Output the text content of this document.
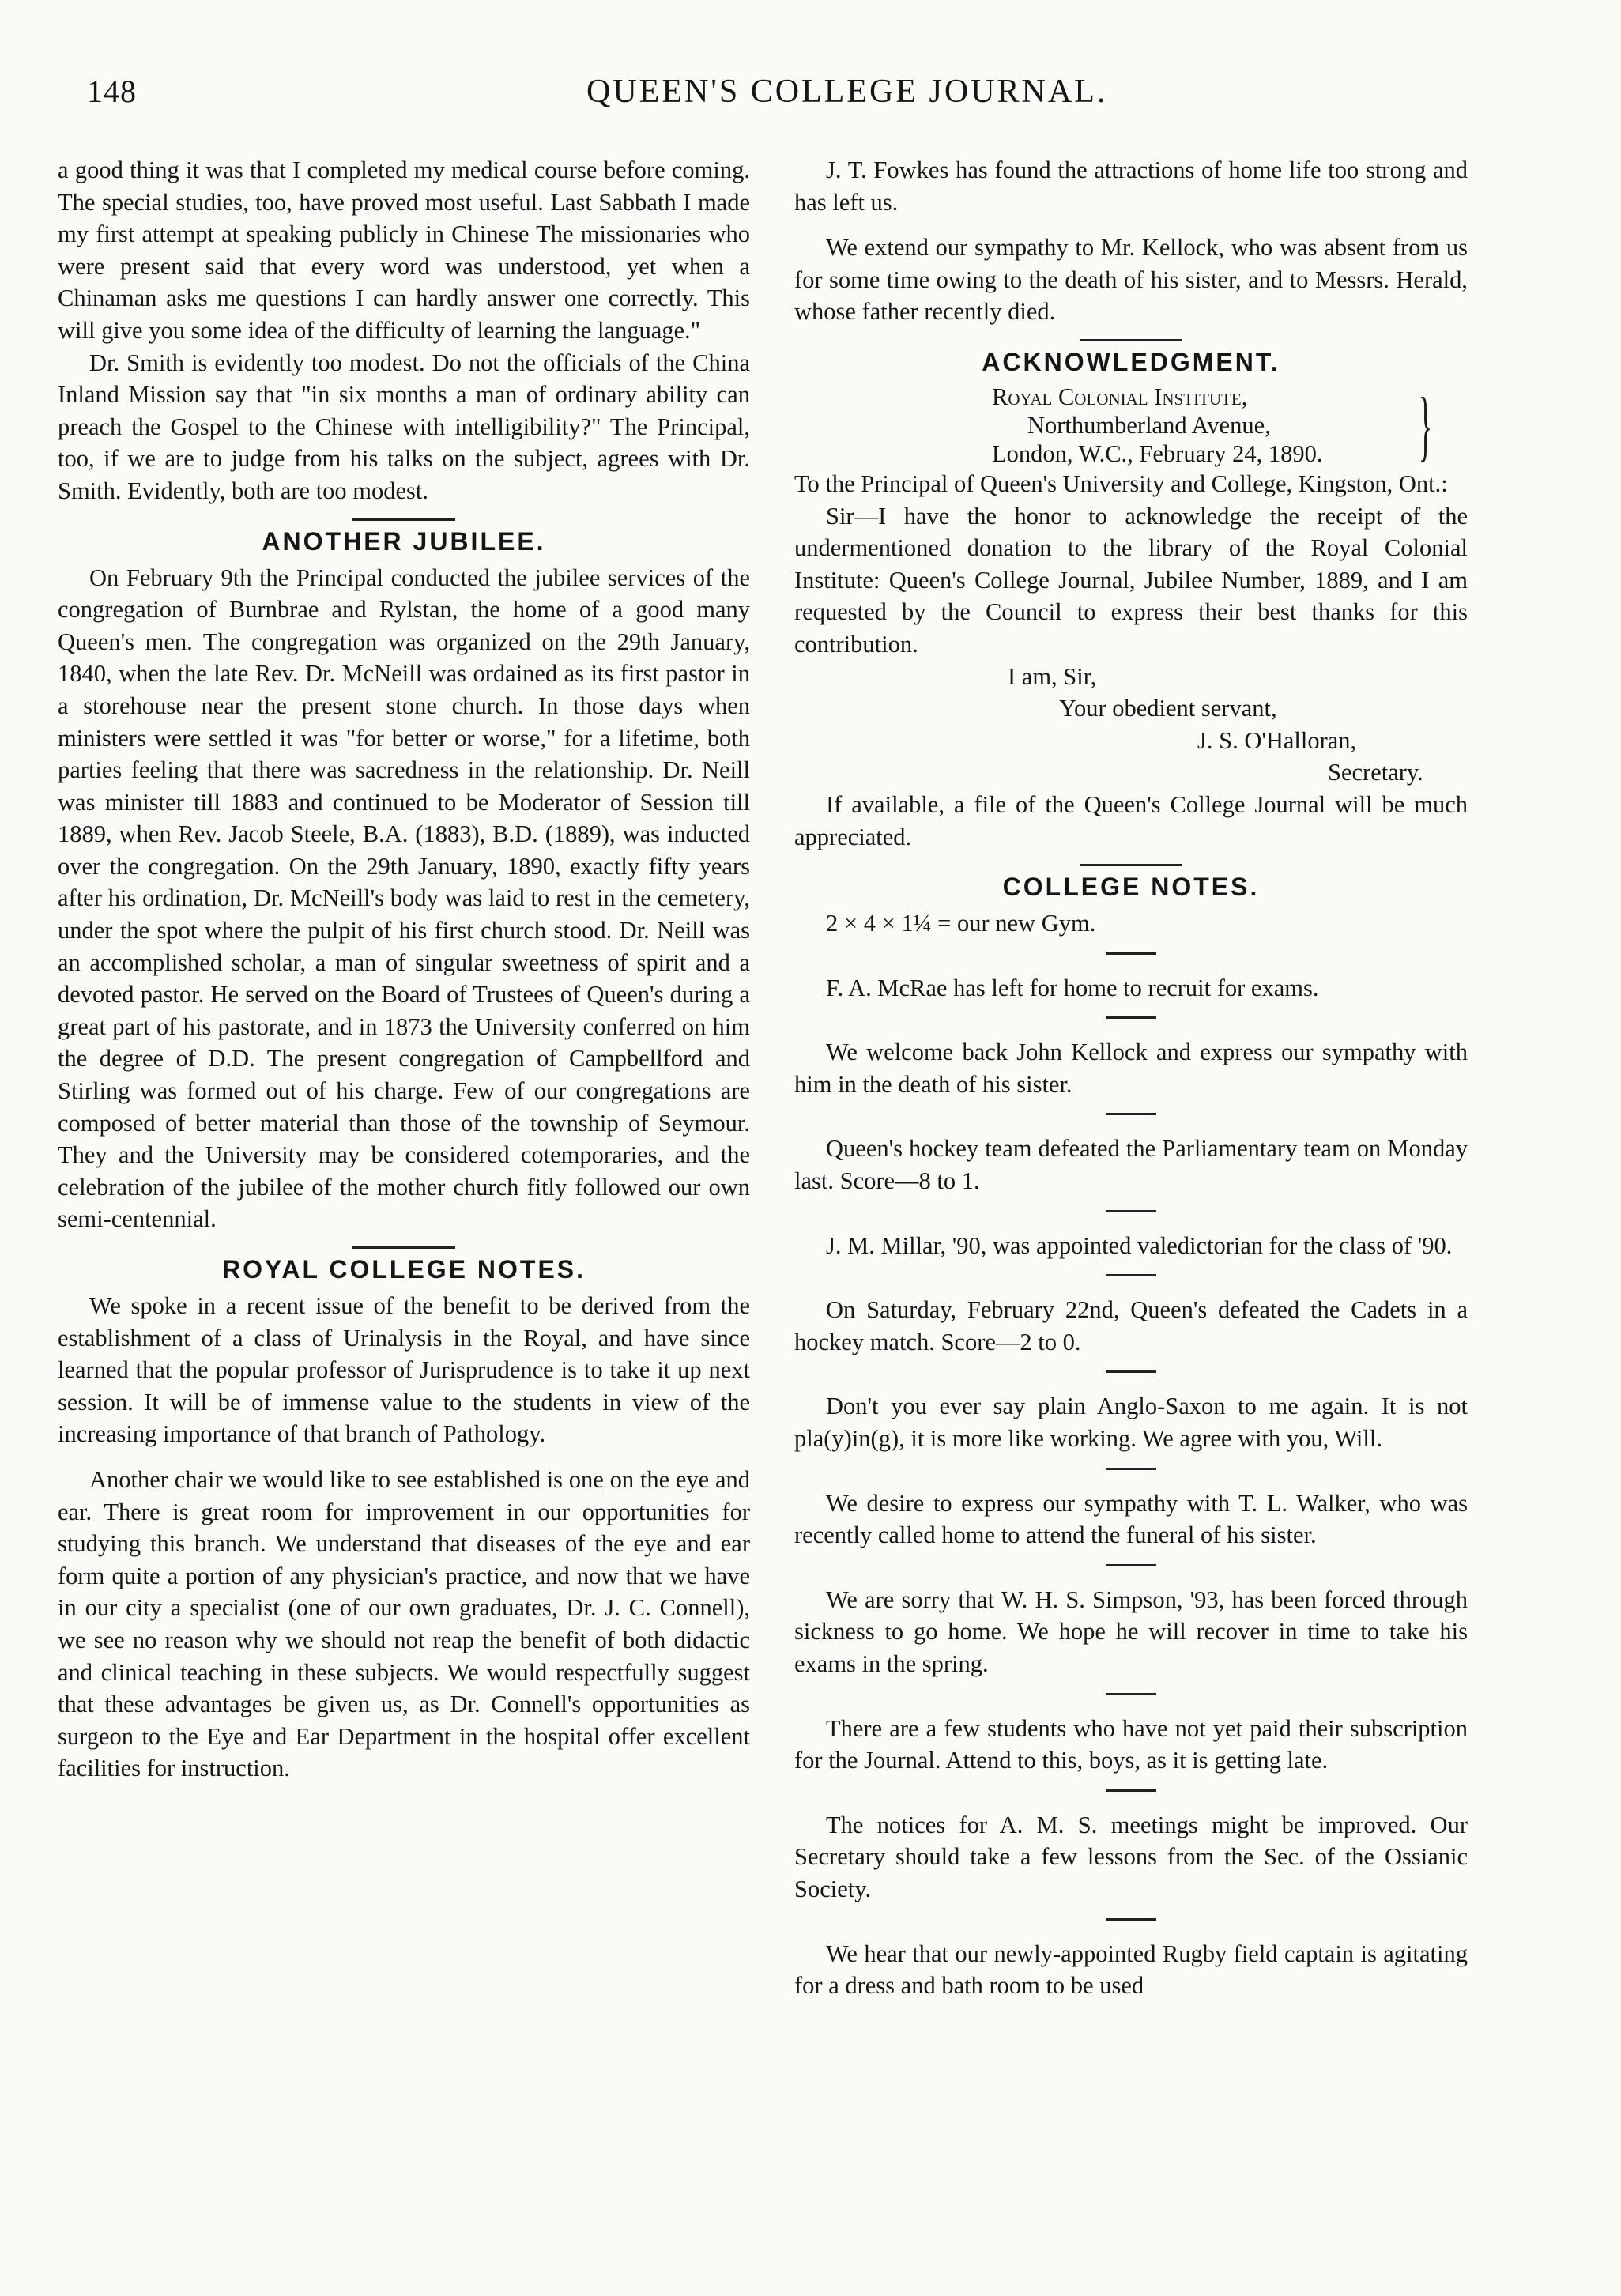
148	QUEEN'S COLLEGE JOURNAL.

a good thing it was that I completed my medical course before coming. The special studies, too, have proved most useful. Last Sabbath I made my first attempt at speaking publicly in Chinese The missionaries who were present said that every word was understood, yet when a Chinaman asks me questions I can hardly answer one correctly. This will give you some idea of the difficulty of learning the language."

Dr. Smith is evidently too modest. Do not the officials of the China Inland Mission say that "in six months a man of ordinary ability can preach the Gospel to the Chinese with intelligibility?" The Principal, too, if we are to judge from his talks on the subject, agrees with Dr. Smith. Evidently, both are too modest.

ANOTHER JUBILEE.

On February 9th the Principal conducted the jubilee services of the congregation of Burnbrae and Rylstan, the home of a good many Queen's men. The congregation was organized on the 29th January, 1840, when the late Rev. Dr. McNeill was ordained as its first pastor in a storehouse near the present stone church. In those days when ministers were settled it was "for better or worse," for a lifetime, both parties feeling that there was sacredness in the relationship. Dr. Neill was minister till 1883 and continued to be Moderator of Session till 1889, when Rev. Jacob Steele, B.A. (1883), B.D. (1889), was inducted over the congregation. On the 29th January, 1890, exactly fifty years after his ordination, Dr. McNeill's body was laid to rest in the cemetery, under the spot where the pulpit of his first church stood. Dr. Neill was an accomplished scholar, a man of singular sweetness of spirit and a devoted pastor. He served on the Board of Trustees of Queen's during a great part of his pastorate, and in 1873 the University conferred on him the degree of D.D. The present congregation of Campbellford and Stirling was formed out of his charge. Few of our congregations are composed of better material than those of the township of Seymour. They and the University may be considered cotemporaries, and the celebration of the jubilee of the mother church fitly followed our own semi-centennial.

ROYAL COLLEGE NOTES.

We spoke in a recent issue of the benefit to be derived from the establishment of a class of Urinalysis in the Royal, and have since learned that the popular professor of Jurisprudence is to take it up next session. It will be of immense value to the students in view of the increasing importance of that branch of Pathology.

Another chair we would like to see established is one on the eye and ear. There is great room for improvement in our opportunities for studying this branch. We understand that diseases of the eye and ear form quite a portion of any physician's practice, and now that we have in our city a specialist (one of our own graduates, Dr. J. C. Connell), we see no reason why we should not reap the benefit of both didactic and clinical teaching in these subjects. We would respectfully suggest that these advantages be given us, as Dr. Connell's opportunities as surgeon to the Eye and Ear Department in the hospital offer excellent facilities for instruction.

J. T. Fowkes has found the attractions of home life too strong and has left us.

We extend our sympathy to Mr. Kellock, who was absent from us for some time owing to the death of his sister, and to Messrs. Herald, whose father recently died.

ACKNOWLEDGMENT.
Royal Colonial Institute,
Northumberland Avenue,
London, W.C., February 24, 1890.	}

To the Principal of Queen's University and College, Kingston, Ont.:

Sir—I have the honor to acknowledge the receipt of the undermentioned donation to the library of the Royal Colonial Institute: Queen's College Journal, Jubilee Number, 1889, and I am requested by the Council to express their best thanks for this contribution.

I am, Sir,
Your obedient servant,
J. S. O'Halloran,
Secretary.

If available, a file of the Queen's College Journal will be much appreciated.

COLLEGE NOTES.

2 × 4 × 1¼ = our new Gym.

F. A. McRae has left for home to recruit for exams.

We welcome back John Kellock and express our sympathy with him in the death of his sister.

Queen's hockey team defeated the Parliamentary team on Monday last. Score—8 to 1.

J. M. Millar, '90, was appointed valedictorian for the class of '90.

On Saturday, February 22nd, Queen's defeated the Cadets in a hockey match. Score—2 to 0.

Don't you ever say plain Anglo-Saxon to me again. It is not pla(y)in(g), it is more like working. We agree with you, Will.

We desire to express our sympathy with T. L. Walker, who was recently called home to attend the funeral of his sister.

We are sorry that W. H. S. Simpson, '93, has been forced through sickness to go home. We hope he will recover in time to take his exams in the spring.

There are a few students who have not yet paid their subscription for the Journal. Attend to this, boys, as it is getting late.

The notices for A. M. S. meetings might be improved. Our Secretary should take a few lessons from the Sec. of the Ossianic Society.

We hear that our newly-appointed Rugby field captain is agitating for a dress and bath room to be used
